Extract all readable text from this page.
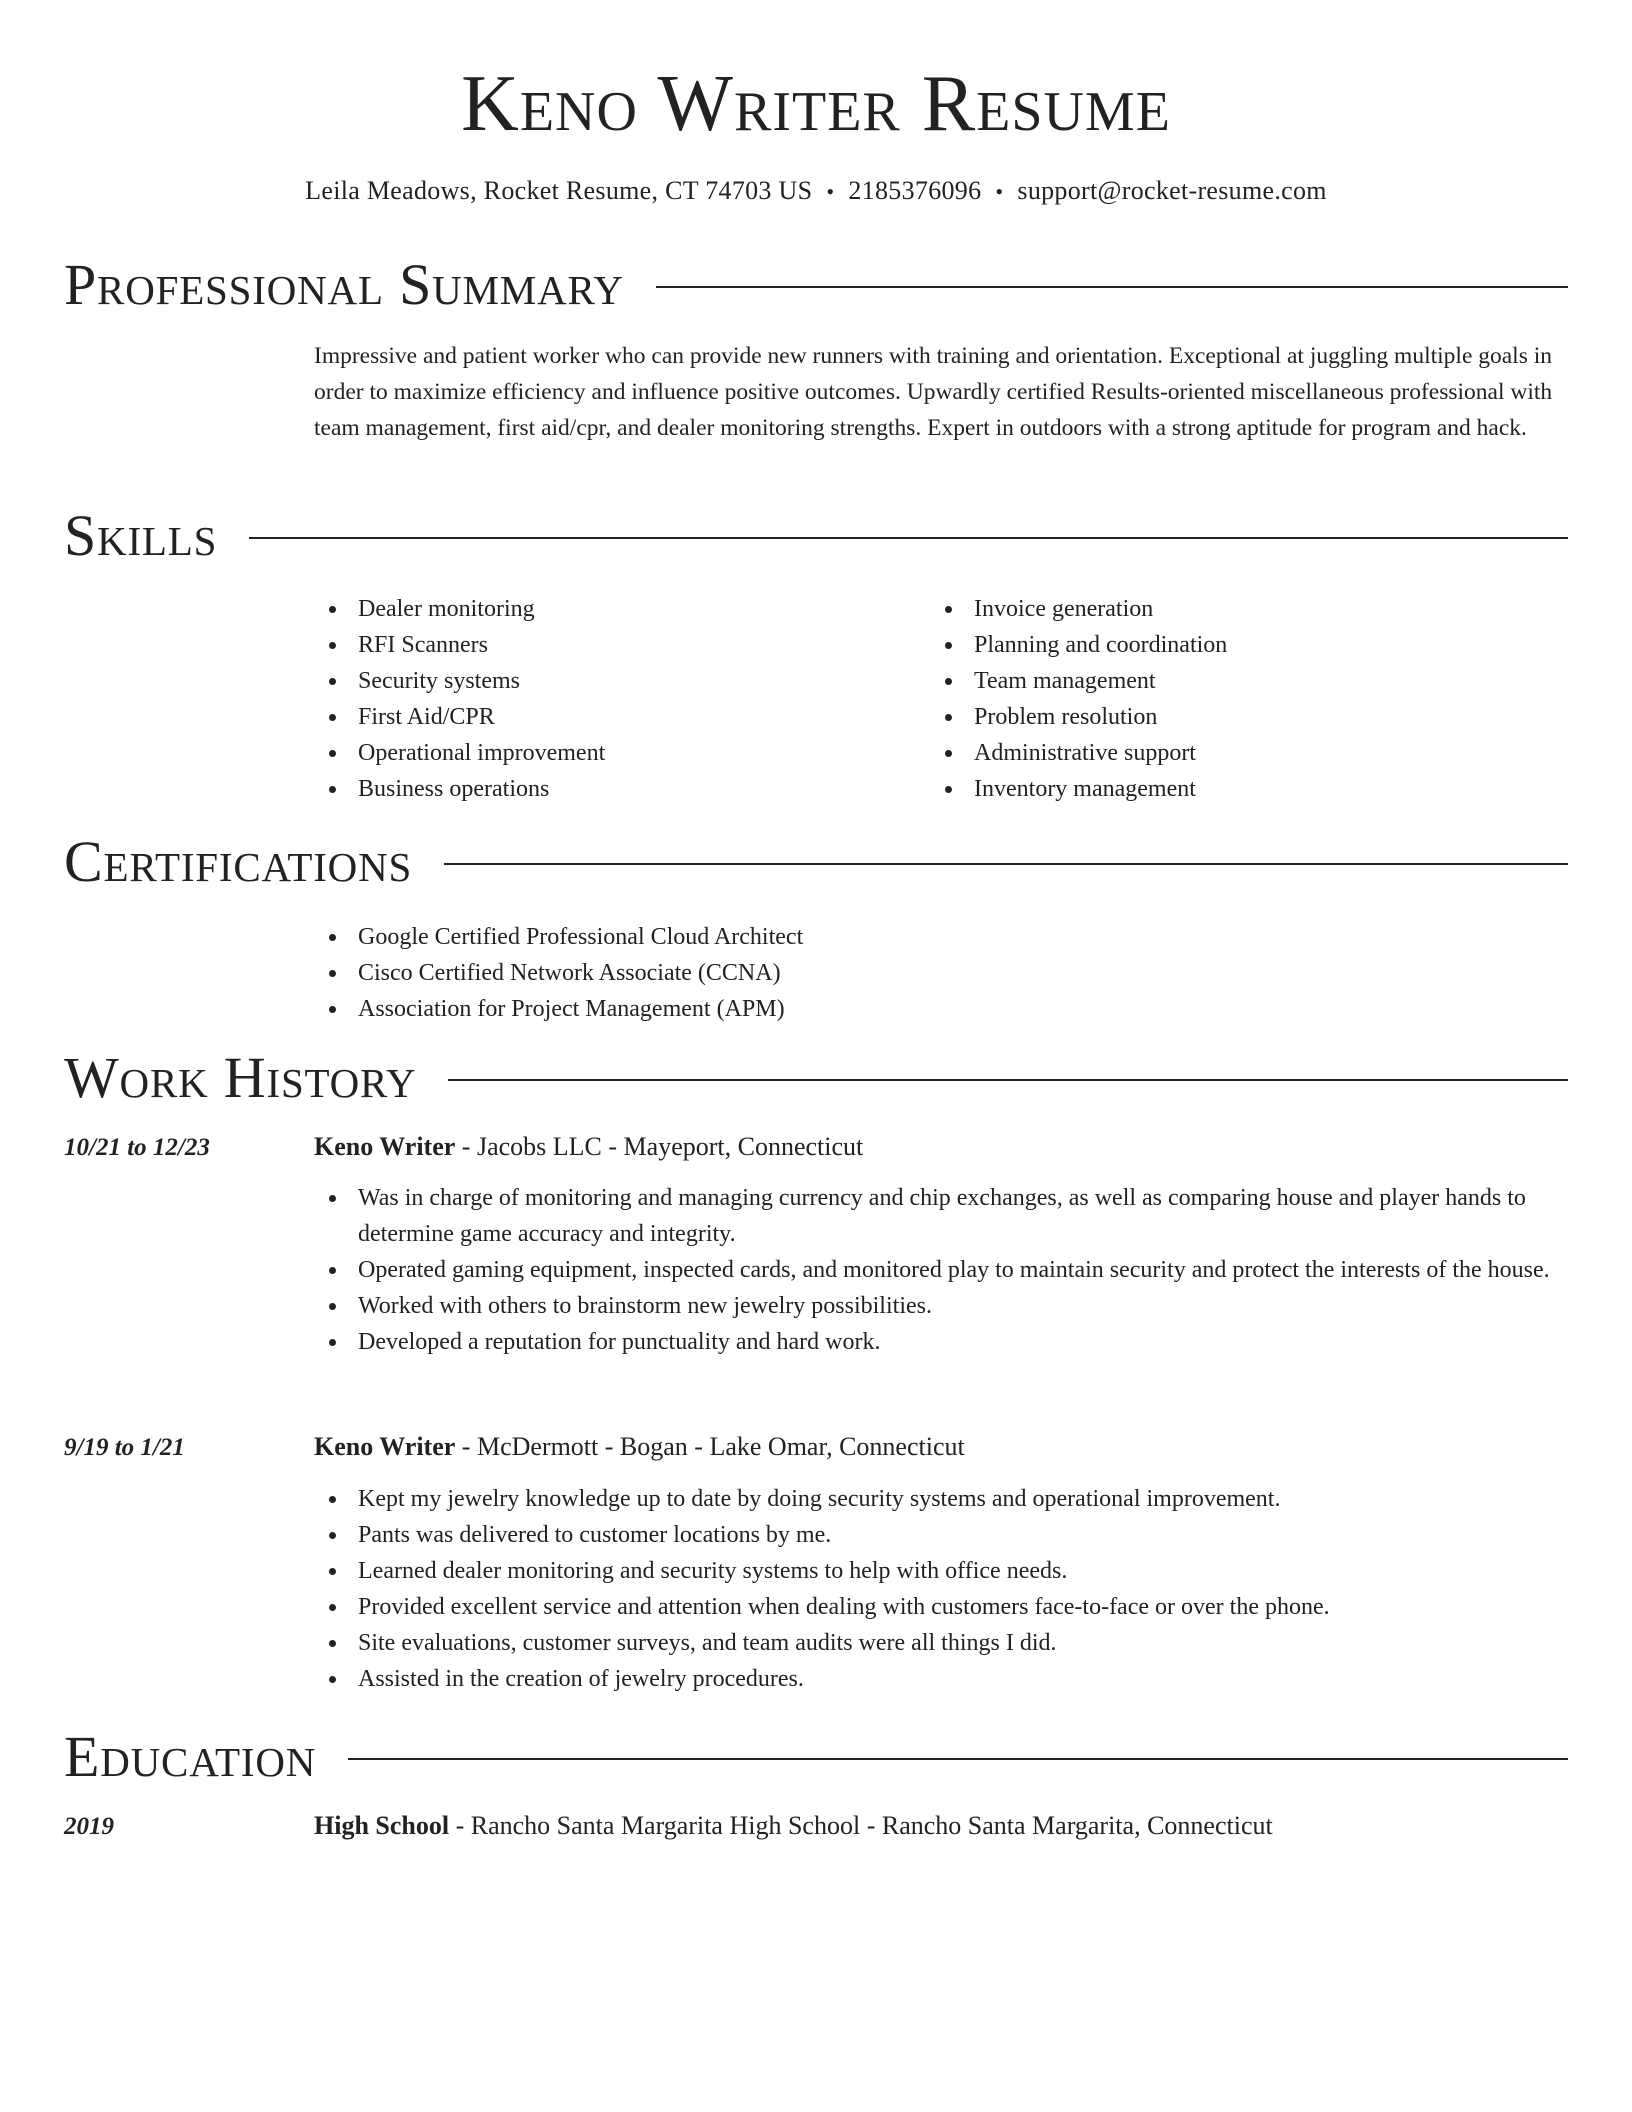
Keno Writer Resume
Leila Meadows, Rocket Resume, CT 74703 US • 2185376096 • support@rocket-resume.com
Professional Summary

Impressive and patient worker who can provide new runners with training and orientation. Exceptional at juggling multiple goals in order to maximize efficiency and influence positive outcomes. Upwardly certified Results-oriented miscellaneous professional with team management, first aid/cpr, and dealer monitoring strengths. Expert in outdoors with a strong aptitude for program and hack.

Skills
Dealer monitoring
RFI Scanners
Security systems
First Aid/CPR
Operational improvement
Business operations
Invoice generation
Planning and coordination
Team management
Problem resolution
Administrative support
Inventory management
Certifications
Google Certified Professional Cloud Architect
Cisco Certified Network Associate (CCNA)
Association for Project Management (APM)
Work History
10/21 to 12/23	Keno Writer - Jacobs LLC - Mayeport, Connecticut
Was in charge of monitoring and managing currency and chip exchanges, as well as comparing house and player hands to determine game accuracy and integrity.
Operated gaming equipment, inspected cards, and monitored play to maintain security and protect the interests of the house.
Worked with others to brainstorm new jewelry possibilities.
Developed a reputation for punctuality and hard work.
9/19 to 1/21	Keno Writer - McDermott - Bogan - Lake Omar, Connecticut
Kept my jewelry knowledge up to date by doing security systems and operational improvement.
Pants was delivered to customer locations by me.
Learned dealer monitoring and security systems to help with office needs.
Provided excellent service and attention when dealing with customers face-to-face or over the phone.
Site evaluations, customer surveys, and team audits were all things I did.
Assisted in the creation of jewelry procedures.
Education
2019	High School - Rancho Santa Margarita High School - Rancho Santa Margarita, Connecticut
